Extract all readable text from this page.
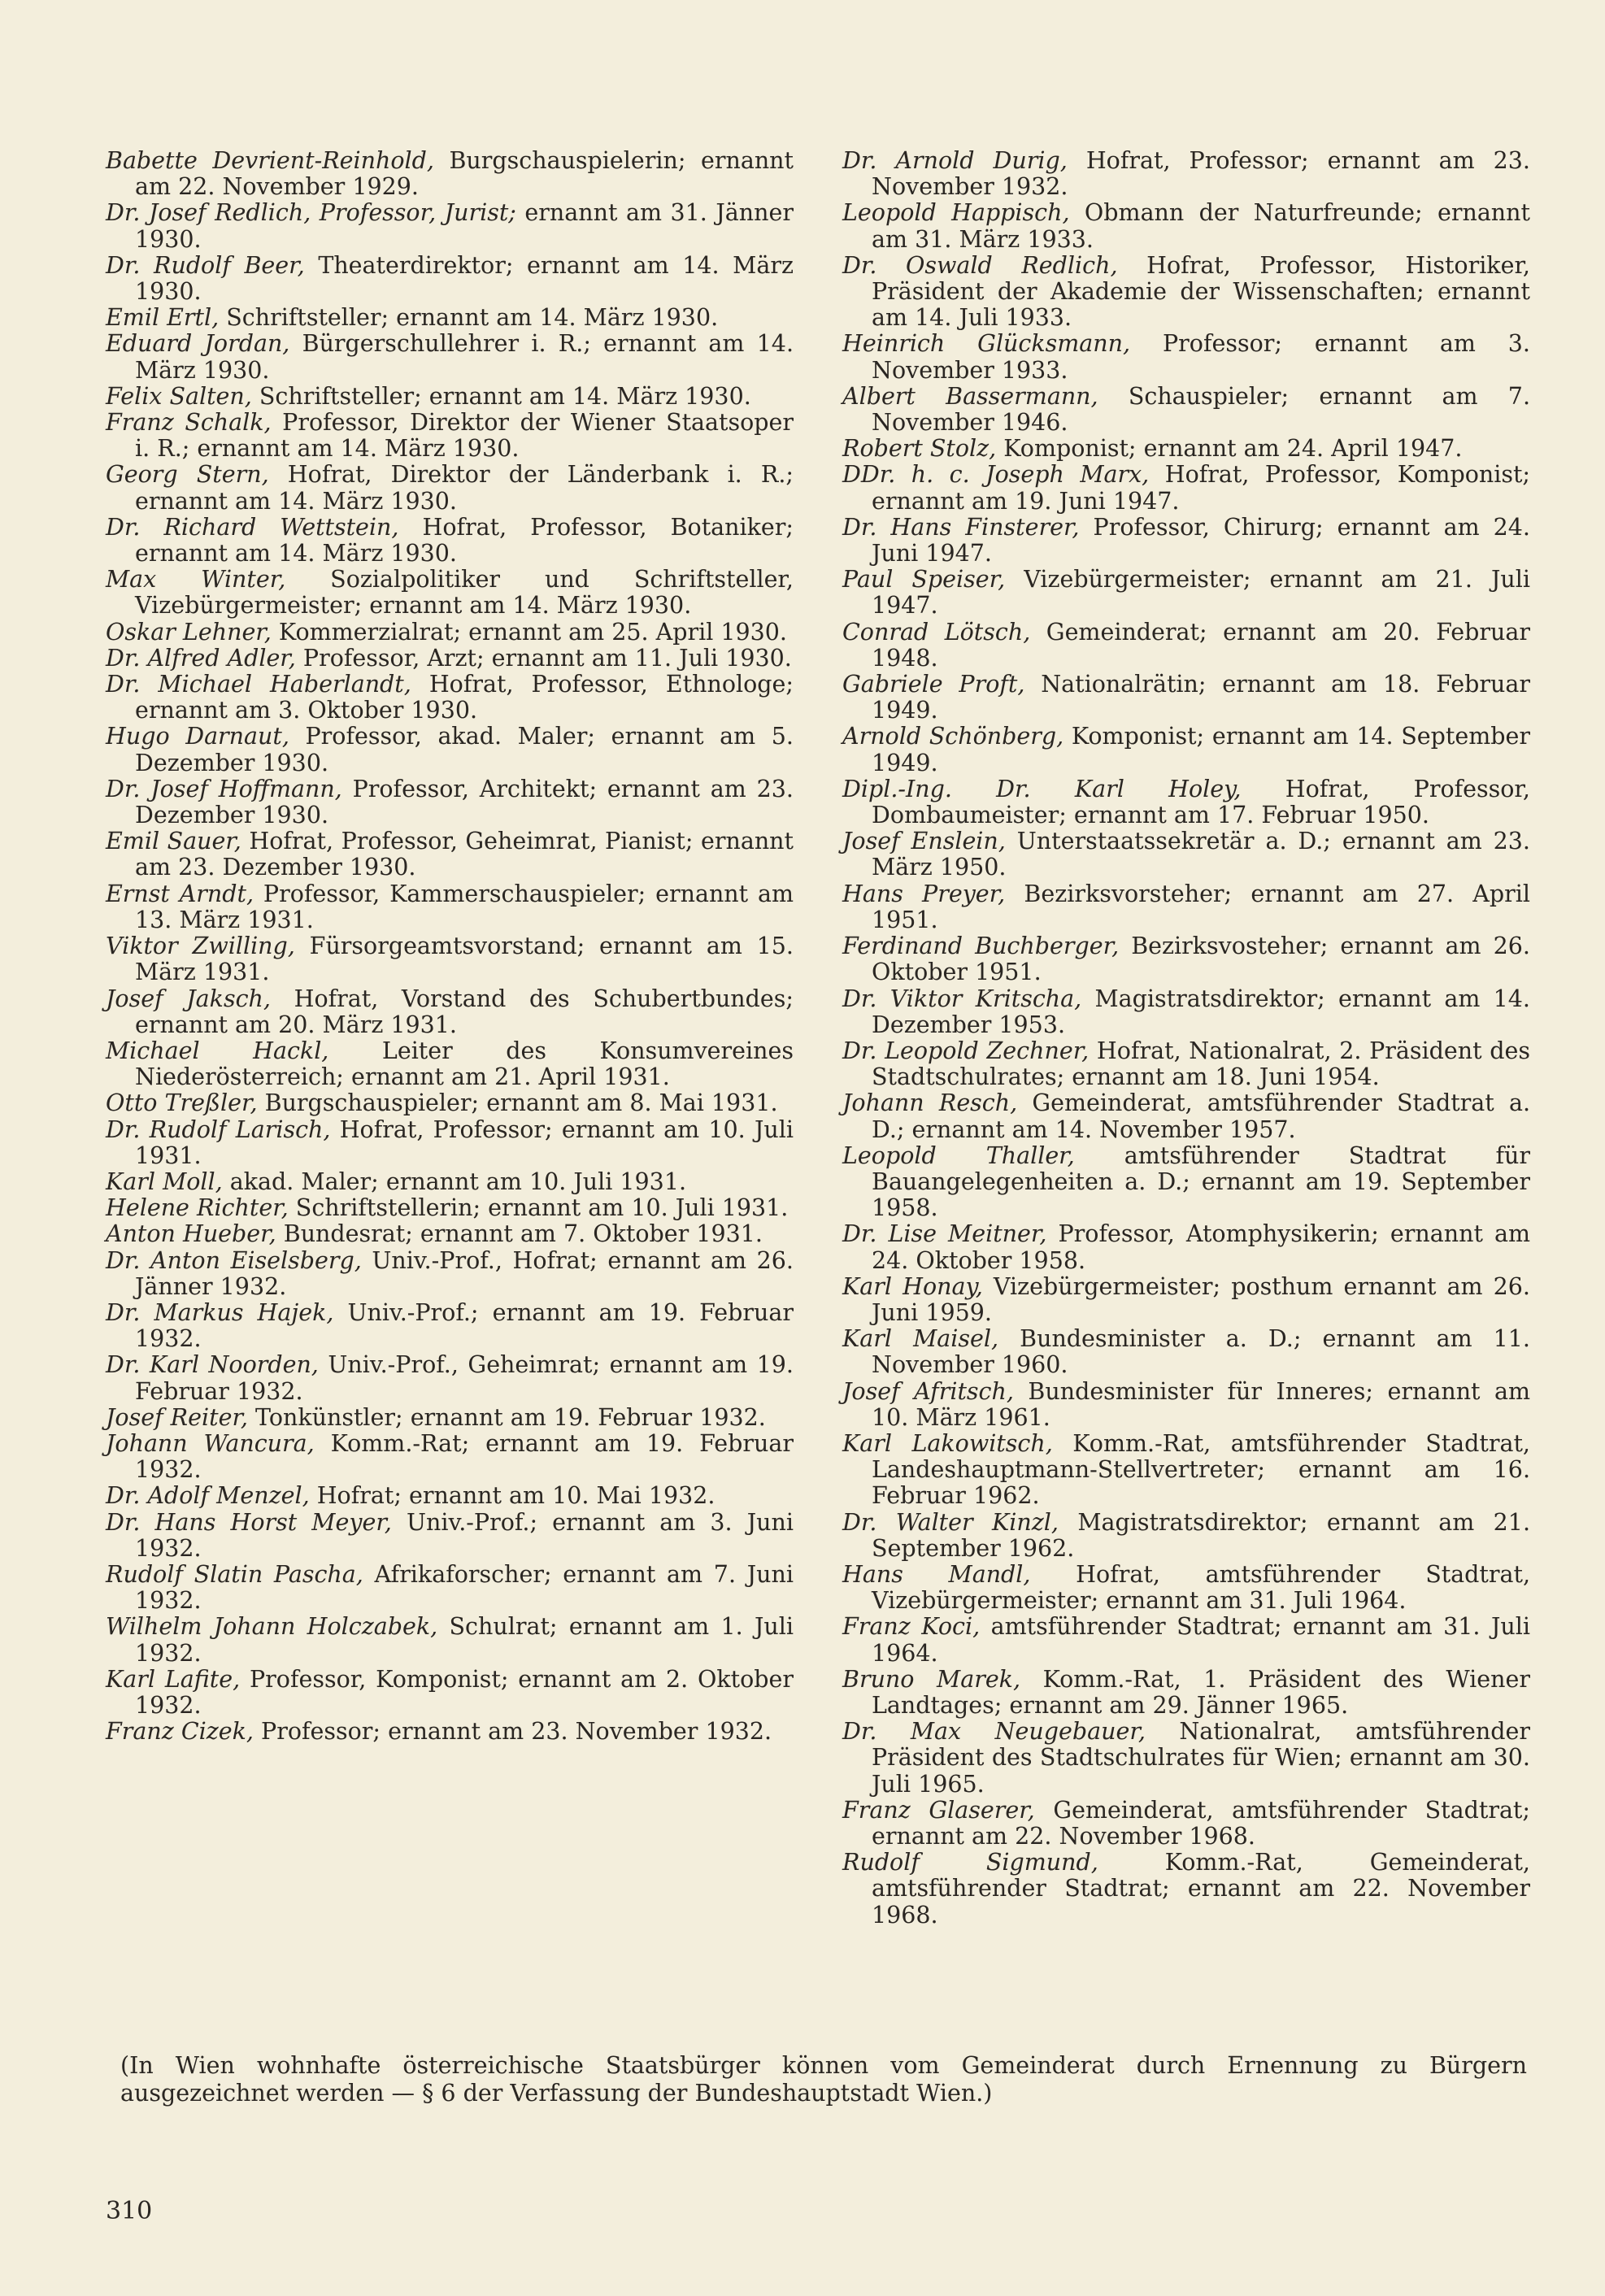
Babette Devrient-Reinhold, Burgschauspielerin; ernannt am 22. November 1929.

Dr. Josef Redlich, Professor, Jurist; ernannt am 31. Jänner 1930.

Dr. Rudolf Beer, Theaterdirektor; ernannt am 14. März 1930.

Emil Ertl, Schriftsteller; ernannt am 14. März 1930.

Eduard Jordan, Bürgerschullehrer i. R.; ernannt am 14. März 1930.

Felix Salten, Schriftsteller; ernannt am 14. März 1930.

Franz Schalk, Professor, Direktor der Wiener Staatsoper i. R.; ernannt am 14. März 1930.

Georg Stern, Hofrat, Direktor der Länderbank i. R.; ernannt am 14. März 1930.

Dr. Richard Wettstein, Hofrat, Professor, Botaniker; ernannt am 14. März 1930.

Max Winter, Sozialpolitiker und Schriftsteller, Vizebürgermeister; ernannt am 14. März 1930.

Oskar Lehner, Kommerzialrat; ernannt am 25. April 1930.

Dr. Alfred Adler, Professor, Arzt; ernannt am 11. Juli 1930.

Dr. Michael Haberlandt, Hofrat, Professor, Ethnologe; ernannt am 3. Oktober 1930.

Hugo Darnaut, Professor, akad. Maler; ernannt am 5. Dezember 1930.

Dr. Josef Hoffmann, Professor, Architekt; ernannt am 23. Dezember 1930.

Emil Sauer, Hofrat, Professor, Geheimrat, Pianist; ernannt am 23. Dezember 1930.

Ernst Arndt, Professor, Kammerschauspieler; ernannt am 13. März 1931.

Viktor Zwilling, Fürsorgeamtsvorstand; ernannt am 15. März 1931.

Josef Jaksch, Hofrat, Vorstand des Schubertbundes; ernannt am 20. März 1931.

Michael Hackl, Leiter des Konsumvereines Niederösterreich; ernannt am 21. April 1931.

Otto Treßler, Burgschauspieler; ernannt am 8. Mai 1931.

Dr. Rudolf Larisch, Hofrat, Professor; ernannt am 10. Juli 1931.

Karl Moll, akad. Maler; ernannt am 10. Juli 1931.

Helene Richter, Schriftstellerin; ernannt am 10. Juli 1931.

Anton Hueber, Bundesrat; ernannt am 7. Oktober 1931.

Dr. Anton Eiselsberg, Univ.-Prof., Hofrat; ernannt am 26. Jänner 1932.

Dr. Markus Hajek, Univ.-Prof.; ernannt am 19. Februar 1932.

Dr. Karl Noorden, Univ.-Prof., Geheimrat; ernannt am 19. Februar 1932.

Josef Reiter, Tonkünstler; ernannt am 19. Februar 1932.

Johann Wancura, Komm.-Rat; ernannt am 19. Februar 1932.

Dr. Adolf Menzel, Hofrat; ernannt am 10. Mai 1932.

Dr. Hans Horst Meyer, Univ.-Prof.; ernannt am 3. Juni 1932.

Rudolf Slatin Pascha, Afrikaforscher; ernannt am 7. Juni 1932.

Wilhelm Johann Holczabek, Schulrat; ernannt am 1. Juli 1932.

Karl Lafite, Professor, Komponist; ernannt am 2. Oktober 1932.

Franz Cizek, Professor; ernannt am 23. November 1932.

Dr. Arnold Durig, Hofrat, Professor; ernannt am 23. November 1932.

Leopold Happisch, Obmann der Naturfreunde; ernannt am 31. März 1933.

Dr. Oswald Redlich, Hofrat, Professor, Historiker, Präsident der Akademie der Wissenschaften; ernannt am 14. Juli 1933.

Heinrich Glücksmann, Professor; ernannt am 3. November 1933.

Albert Bassermann, Schauspieler; ernannt am 7. November 1946.

Robert Stolz, Komponist; ernannt am 24. April 1947.

DDr. h. c. Joseph Marx, Hofrat, Professor, Komponist; ernannt am 19. Juni 1947.

Dr. Hans Finsterer, Professor, Chirurg; ernannt am 24. Juni 1947.

Paul Speiser, Vizebürgermeister; ernannt am 21. Juli 1947.

Conrad Lötsch, Gemeinderat; ernannt am 20. Februar 1948.

Gabriele Proft, Nationalrätin; ernannt am 18. Februar 1949.

Arnold Schönberg, Komponist; ernannt am 14. September 1949.

Dipl.-Ing. Dr. Karl Holey, Hofrat, Professor, Dombaumeister; ernannt am 17. Februar 1950.

Josef Enslein, Unterstaatssekretär a. D.; ernannt am 23. März 1950.

Hans Preyer, Bezirksvorsteher; ernannt am 27. April 1951.

Ferdinand Buchberger, Bezirksvosteher; ernannt am 26. Oktober 1951.

Dr. Viktor Kritscha, Magistratsdirektor; ernannt am 14. Dezember 1953.

Dr. Leopold Zechner, Hofrat, Nationalrat, 2. Präsident des Stadtschulrates; ernannt am 18. Juni 1954.

Johann Resch, Gemeinderat, amtsführender Stadtrat a. D.; ernannt am 14. November 1957.

Leopold Thaller, amtsführender Stadtrat für Bauangelegenheiten a. D.; ernannt am 19. September 1958.

Dr. Lise Meitner, Professor, Atomphysikerin; ernannt am 24. Oktober 1958.

Karl Honay, Vizebürgermeister; posthum ernannt am 26. Juni 1959.

Karl Maisel, Bundesminister a. D.; ernannt am 11. November 1960.

Josef Afritsch, Bundesminister für Inneres; ernannt am 10. März 1961.

Karl Lakowitsch, Komm.-Rat, amtsführender Stadtrat, Landeshauptmann-Stellvertreter; ernannt am 16. Februar 1962.

Dr. Walter Kinzl, Magistratsdirektor; ernannt am 21. September 1962.

Hans Mandl, Hofrat, amtsführender Stadtrat, Vizebürgermeister; ernannt am 31. Juli 1964.

Franz Koci, amtsführender Stadtrat; ernannt am 31. Juli 1964.

Bruno Marek, Komm.-Rat, 1. Präsident des Wiener Landtages; ernannt am 29. Jänner 1965.

Dr. Max Neugebauer, Nationalrat, amtsführender Präsident des Stadtschulrates für Wien; ernannt am 30. Juli 1965.

Franz Glaserer, Gemeinderat, amtsführender Stadtrat; ernannt am 22. November 1968.

Rudolf Sigmund, Komm.-Rat, Gemeinderat, amtsführender Stadtrat; ernannt am 22. November 1968.

(In Wien wohnhafte österreichische Staatsbürger können vom Gemeinderat durch Ernennung zu Bürgern ausgezeichnet werden — § 6 der Verfassung der Bundeshauptstadt Wien.)
310
